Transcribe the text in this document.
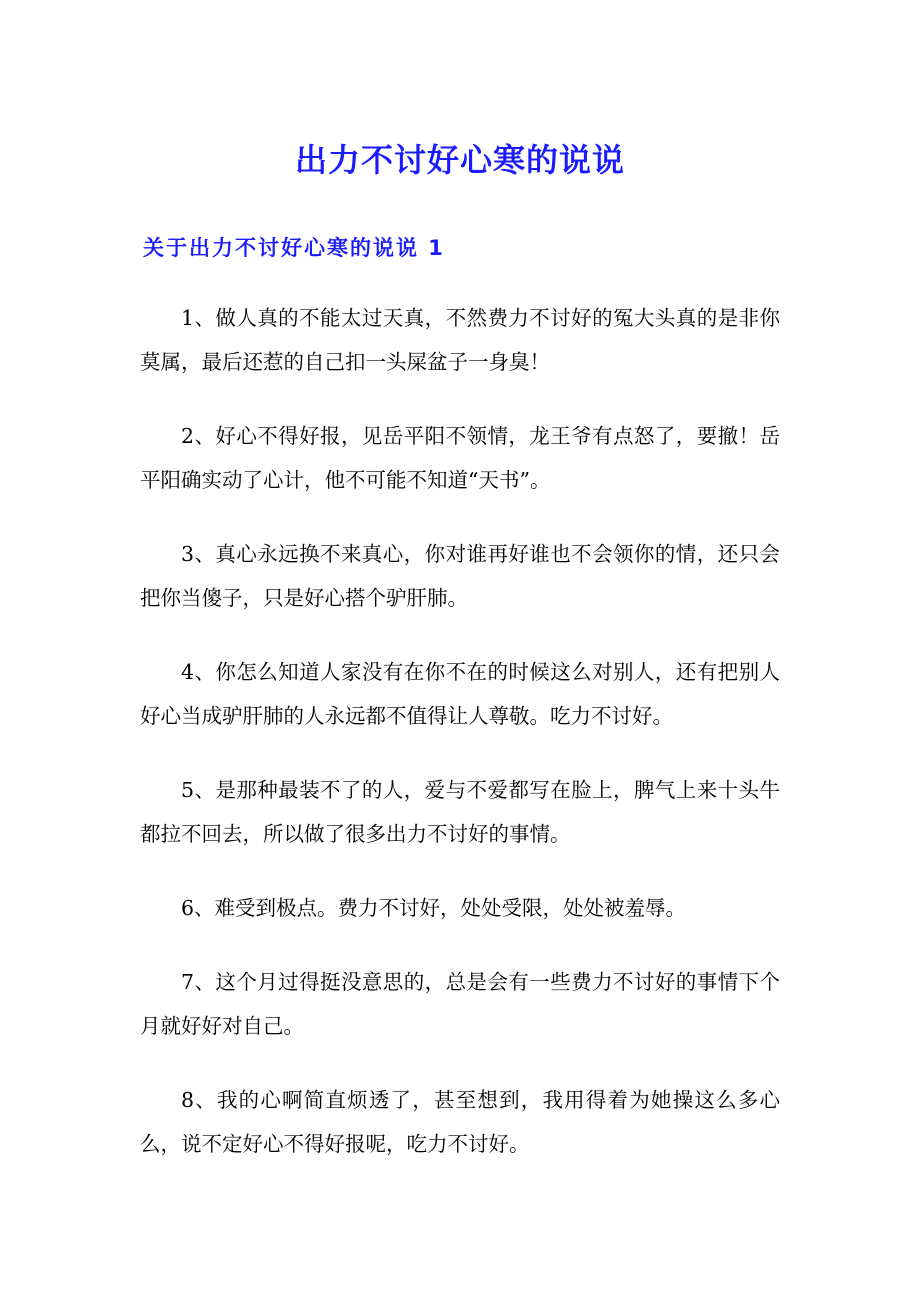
出力不讨好心寒的说说
关于出力不讨好心寒的说说 1

1、做人真的不能太过天真，不然费力不讨好的冤大头真的是非你莫属，最后还惹的自己扣一头屎盆子一身臭！

2、好心不得好报，见岳平阳不领情，龙王爷有点怒了，要撤！岳平阳确实动了心计，他不可能不知道“天书”。

3、真心永远换不来真心，你对谁再好谁也不会领你的情，还只会把你当傻子，只是好心搭个驴肝肺。

4、你怎么知道人家没有在你不在的时候这么对别人，还有把别人好心当成驴肝肺的人永远都不值得让人尊敬。吃力不讨好。

5、是那种最装不了的人，爱与不爱都写在脸上，脾气上来十头牛都拉不回去，所以做了很多出力不讨好的事情。

6、难受到极点。费力不讨好，处处受限，处处被羞辱。

7、这个月过得挺没意思的，总是会有一些费力不讨好的事情下个月就好好对自己。

8、我的心啊简直烦透了，甚至想到，我用得着为她操这么多心么，说不定好心不得好报呢，吃力不讨好。
